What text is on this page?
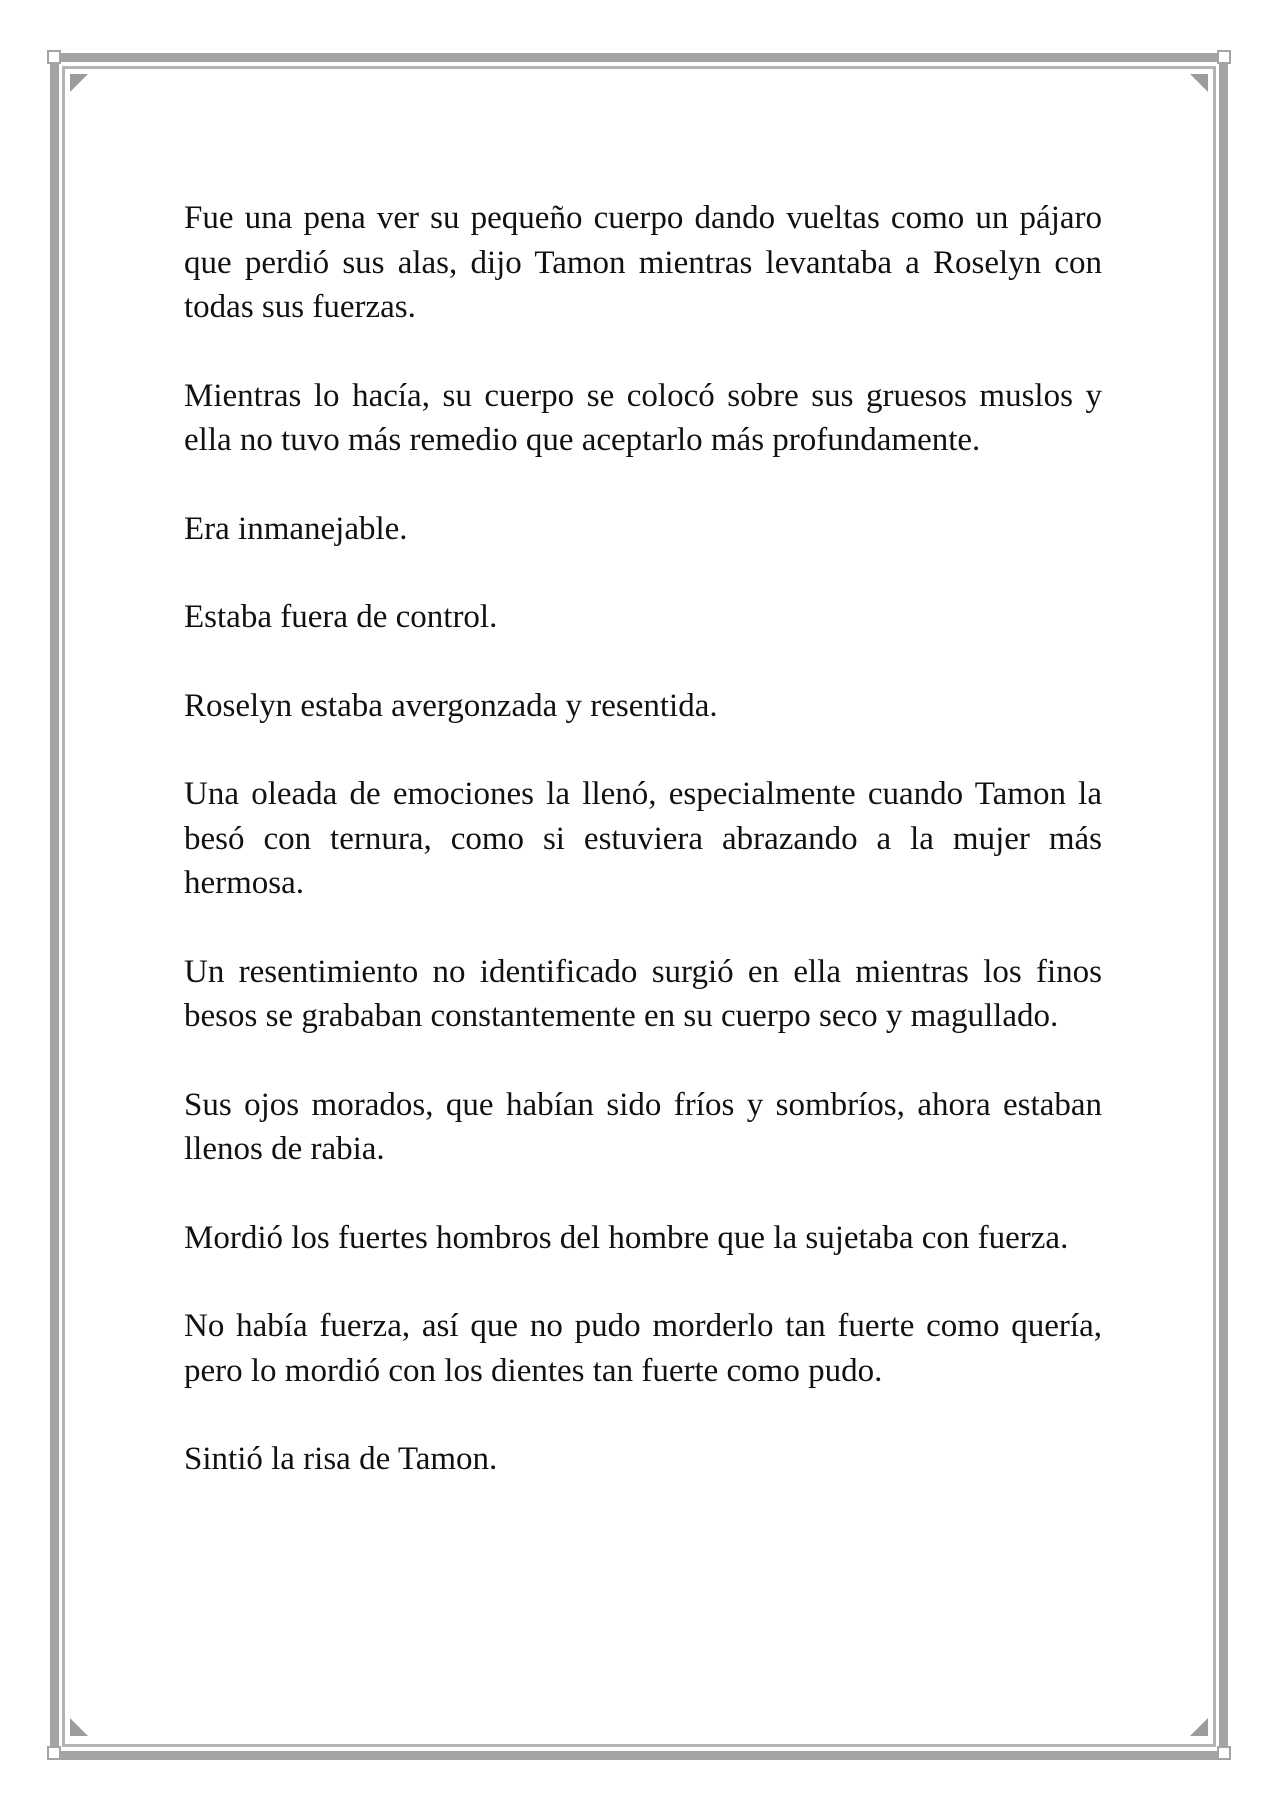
Fue una pena ver su pequeño cuerpo dando vueltas como un pájaro que perdió sus alas, dijo Tamon mientras levantaba a Roselyn con todas sus fuerzas.

Mientras lo hacía, su cuerpo se colocó sobre sus gruesos muslos y ella no tuvo más remedio que aceptarlo más profundamente.

Era inmanejable.

Estaba fuera de control.

Roselyn estaba avergonzada y resentida.

Una oleada de emociones la llenó, especialmente cuando Tamon la besó con ternura, como si estuviera abrazando a la mujer más hermosa.

Un resentimiento no identificado surgió en ella mientras los finos besos se grababan constantemente en su cuerpo seco y magullado.

Sus ojos morados, que habían sido fríos y sombríos, ahora estaban llenos de rabia.

Mordió los fuertes hombros del hombre que la sujetaba con fuerza.

No había fuerza, así que no pudo morderlo tan fuerte como quería, pero lo mordió con los dientes tan fuerte como pudo.

Sintió la risa de Tamon.
